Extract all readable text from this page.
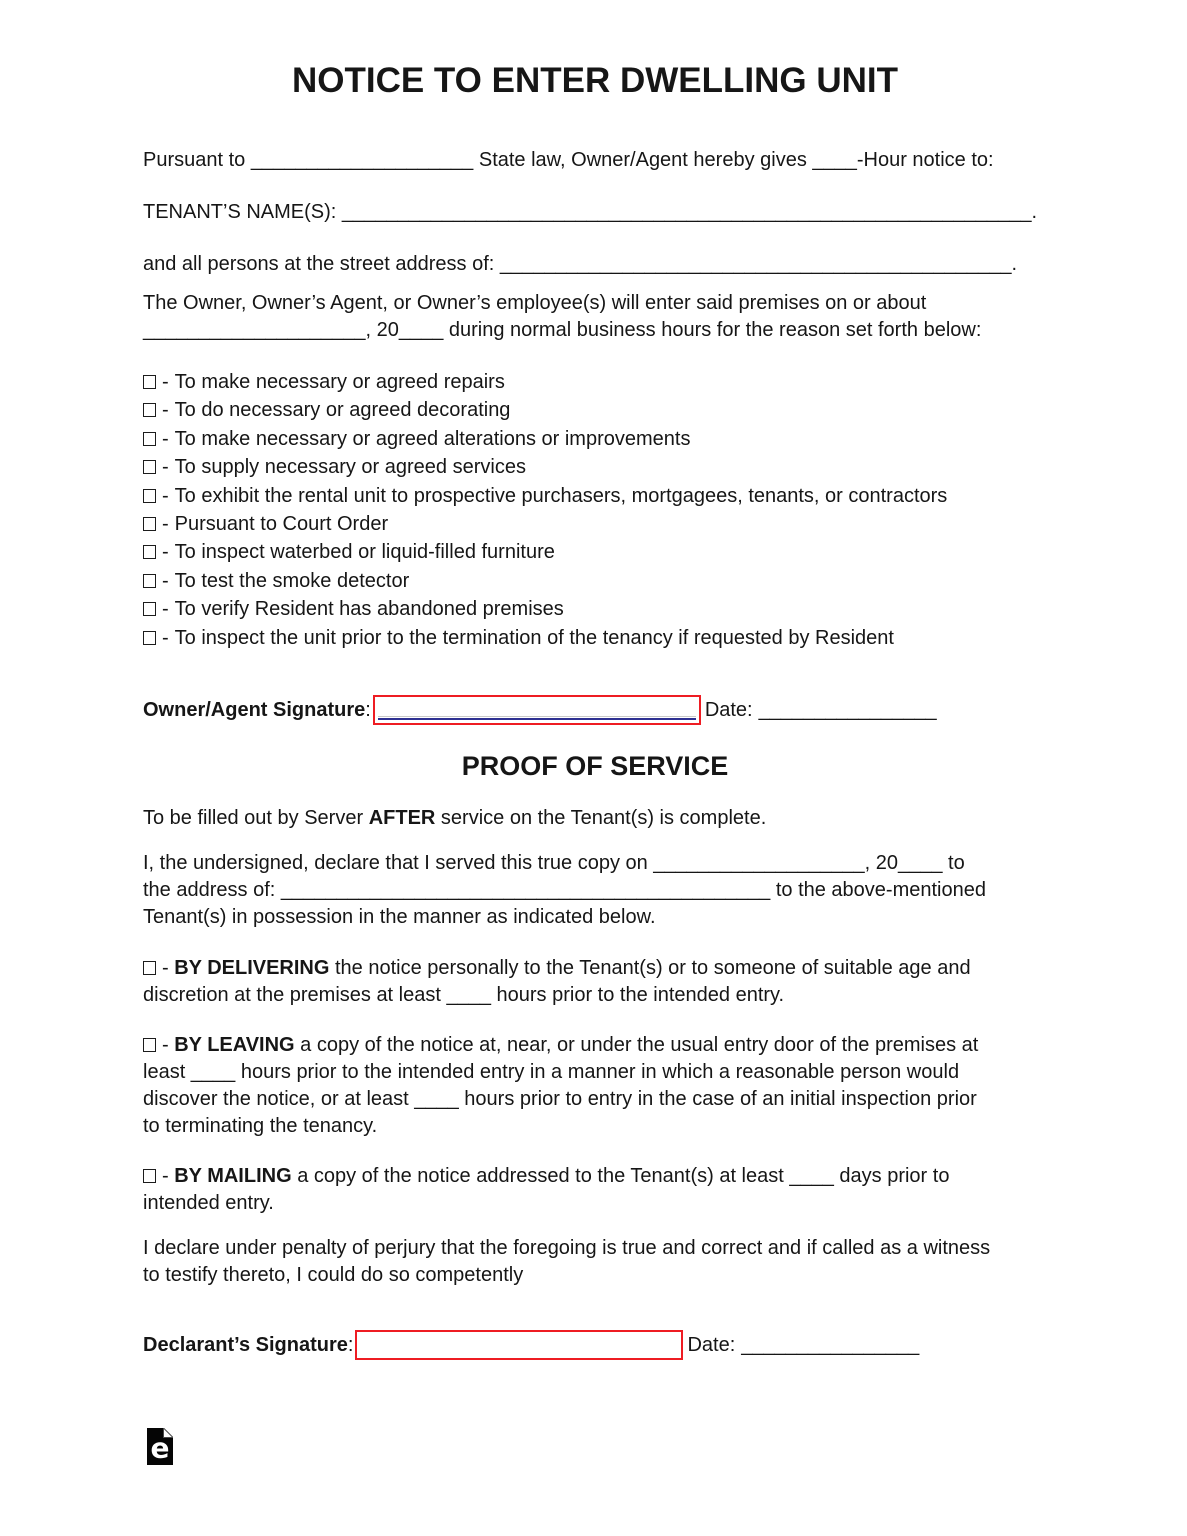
NOTICE TO ENTER DWELLING UNIT
Pursuant to ____________________ State law, Owner/Agent hereby gives ____-Hour notice to:
TENANT’S NAME(S): ______________________________________________________________.
and all persons at the street address of: ______________________________________________.
The Owner, Owner’s Agent, or Owner’s employee(s) will enter said premises on or about
____________________, 20____ during normal business hours for the reason set forth below:
- To make necessary or agreed repairs
- To do necessary or agreed decorating
- To make necessary or agreed alterations or improvements
- To supply necessary or agreed services
- To exhibit the rental unit to prospective purchasers, mortgagees, tenants, or contractors
- Pursuant to Court Order
- To inspect waterbed or liquid-filled furniture
- To test the smoke detector
- To verify Resident has abandoned premises
- To inspect the unit prior to the termination of the tenancy if requested by Resident
Owner/Agent Signature :	Date: ________________
PROOF OF SERVICE
To be filled out by Server AFTER service on the Tenant(s) is complete.
I, the undersigned, declare that I served this true copy on ___________________, 20____ to
the address of: ____________________________________________ to the above-mentioned
Tenant(s) in possession in the manner as indicated below.
- BY DELIVERING the notice personally to the Tenant(s) or to someone of suitable age and
discretion at the premises at least ____ hours prior to the intended entry.
- BY LEAVING a copy of the notice at, near, or under the usual entry door of the premises at
least ____ hours prior to the intended entry in a manner in which a reasonable person would
discover the notice, or at least ____ hours prior to entry in the case of an initial inspection prior
to terminating the tenancy.
- BY MAILING a copy of the notice addressed to the Tenant(s) at least ____ days prior to
intended entry.
I declare under penalty of perjury that the foregoing is true and correct and if called as a witness
to testify thereto, I could do so competently
Declarant’s Signature :	Date: ________________
e
